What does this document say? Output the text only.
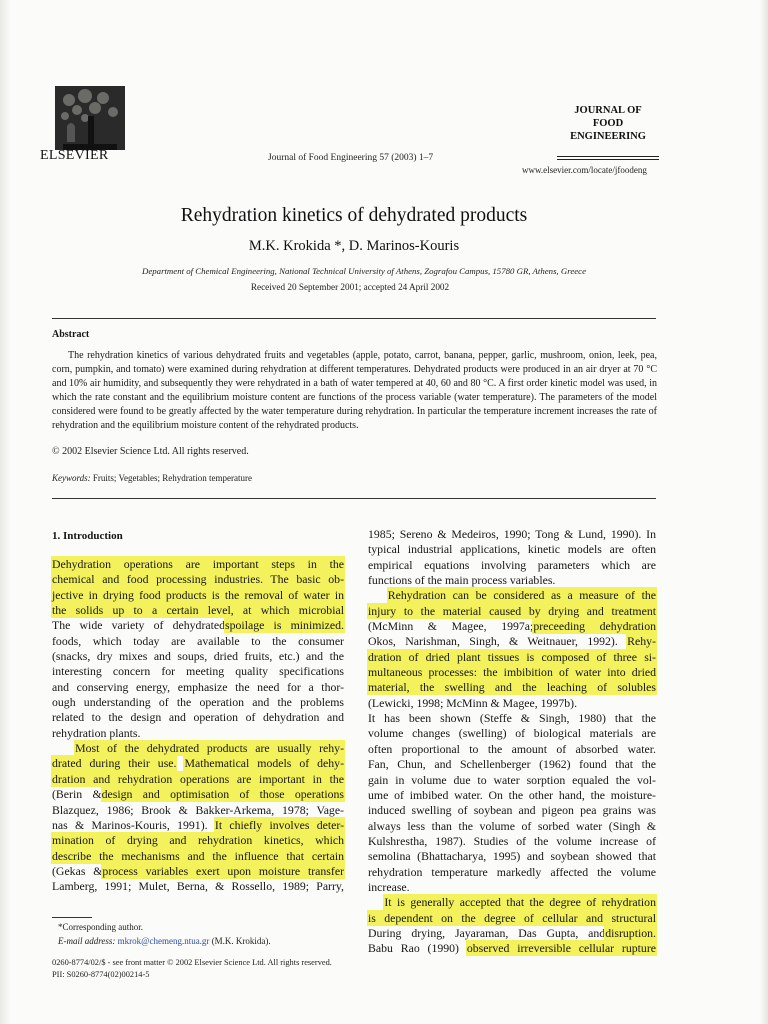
ELSEVIER	Journal of Food Engineering 57 (2003) 1–7
JOURNAL OF
FOOD
ENGINEERING
www.elsevier.com/locate/jfoodeng
Rehydration kinetics of dehydrated products
M.K. Krokida *, D. Marinos-Kouris
Department of Chemical Engineering, National Technical University of Athens, Zografou Campus, 15780 GR, Athens, Greece
Received 20 September 2001; accepted 24 April 2002
Abstract
The rehydration kinetics of various dehydrated fruits and vegetables (apple, potato, carrot, banana, pepper, garlic, mushroom, onion, leek, pea, corn, pumpkin, and tomato) were examined during rehydration at different temperatures. Dehydrated products were produced in an air dryer at 70 °C and 10% air humidity, and subsequently they were rehydrated in a bath of water tempered at 40, 60 and 80 °C. A first order kinetic model was used, in which the rate constant and the equilibrium moisture content are functions of the process variable (water temperature). The parameters of the model considered were found to be greatly affected by the water temperature during rehydration. In particular the temperature increment increases the rate of rehydration and the equilibrium moisture content of the rehydrated products.
© 2002 Elsevier Science Ltd. All rights reserved.
Keywords: Fruits; Vegetables; Rehydration temperature
1. Introduction
Dehydration operations are important steps in the
chemical and food processing industries. The basic ob-
jective in drying food products is the removal of water in
the solids up to a certain level, at which microbial
The wide variety of dehydratedspoilage is minimized.
foods, which today are available to the consumer
(snacks, dry mixes and soups, dried fruits, etc.) and the
interesting concern for meeting quality specifications
and conserving energy, emphasize the need for a thor-
ough understanding of the operation and the problems
related to the design and operation of dehydration and
rehydration plants.
Most of the dehydrated products are usually rehy-
drated during their use. Mathematical models of dehy-
dration and rehydration operations are important in the
(Berin &design and optimisation of those operations
Blazquez, 1986; Brook & Bakker-Arkema, 1978; Vage-
nas & Marinos-Kouris, 1991). It chiefly involves deter-
mination of drying and rehydration kinetics, which
describe the mechanisms and the influence that certain
(Gekas &process variables exert upon moisture transfer
Lamberg, 1991; Mulet, Berna, & Rossello, 1989; Parry,
1985; Sereno & Medeiros, 1990; Tong & Lund, 1990). In
typical industrial applications, kinetic models are often
empirical equations involving parameters which are
functions of the main process variables.
Rehydration can be considered as a measure of the
injury to the material caused by drying and treatment
(McMinn & Magee, 1997a;preceeding dehydration
Okos, Narishman, Singh, & Weitnauer, 1992). Rehy-
dration of dried plant tissues is composed of three si-
multaneous processes: the imbibition of water into dried
material, the swelling and the leaching of solubles
(Lewicki, 1998; McMinn & Magee, 1997b).
It has been shown (Steffe & Singh, 1980) that the
volume changes (swelling) of biological materials are
often proportional to the amount of absorbed water.
Fan, Chun, and Schellenberger (1962) found that the
gain in volume due to water sorption equaled the vol-
ume of imbibed water. On the other hand, the moisture-
induced swelling of soybean and pigeon pea grains was
always less than the volume of sorbed water (Singh &
Kulshrestha, 1987). Studies of the volume increase of
semolina (Bhattacharya, 1995) and soybean showed that
rehydration temperature markedly affected the volume
increase.
It is generally accepted that the degree of rehydration
is dependent on the degree of cellular and structural
During drying, Jayaraman, Das Gupta, anddisruption.
Babu Rao (1990) observed irreversible cellular rupture
*Corresponding author.
E-mail address: mkrok@chemeng.ntua.gr (M.K. Krokida).
0260-8774/02/$ - see front matter © 2002 Elsevier Science Ltd. All rights reserved.
PII: S0260-8774(02)00214-5
